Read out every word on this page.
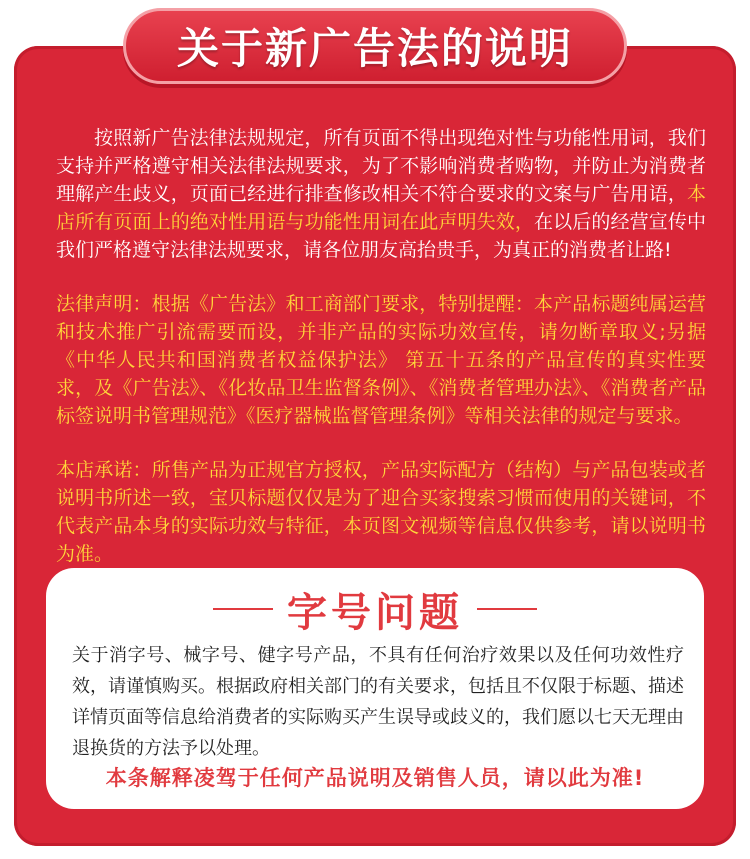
关于新广告法的说明

按照新广告法律法规规定，所有页面不得出现绝对性与功能性用词，我们支持并严格遵守相关法律法规要求，为了不影响消费者购物，并防止为消费者理解产生歧义，页面已经进行排查修改相关不符合要求的文案与广告用语，本店所有页面上的绝对性用语与功能性用词在此声明失效，在以后的经营宣传中我们严格遵守法律法规要求，请各位朋友高抬贵手，为真正的消费者让路!

法律声明：根据《广告法》和工商部门要求，特别提醒：本产品标题纯属运营和技术推广引流需要而设，并非产品的实际功效宣传，请勿断章取义;另据《中华人民共和国消费者权益保护法》 第五十五条的产品宣传的真实性要求，及《广告法》、《化妆品卫生监督条例》、《消费者管理办法》、《消费者产品标签说明书管理规范》《医疗器械监督管理条例》等相关法律的规定与要求。

本店承诺：所售产品为正规官方授权，产品实际配方（结构）与产品包装或者说明书所述一致，宝贝标题仅仅是为了迎合买家搜索习惯而使用的关键词，不代表产品本身的实际功效与特征，本页图文视频等信息仅供参考，请以说明书为准。

字号问题

关于消字号、械字号、健字号产品，不具有任何治疗效果以及任何功效性疗效，请谨慎购买。根据政府相关部门的有关要求，包括且不仅限于标题、描述详情页面等信息给消费者的实际购买产生误导或歧义的，我们愿以七天无理由退换货的方法予以处理。

本条解释凌驾于任何产品说明及销售人员，请以此为准!
